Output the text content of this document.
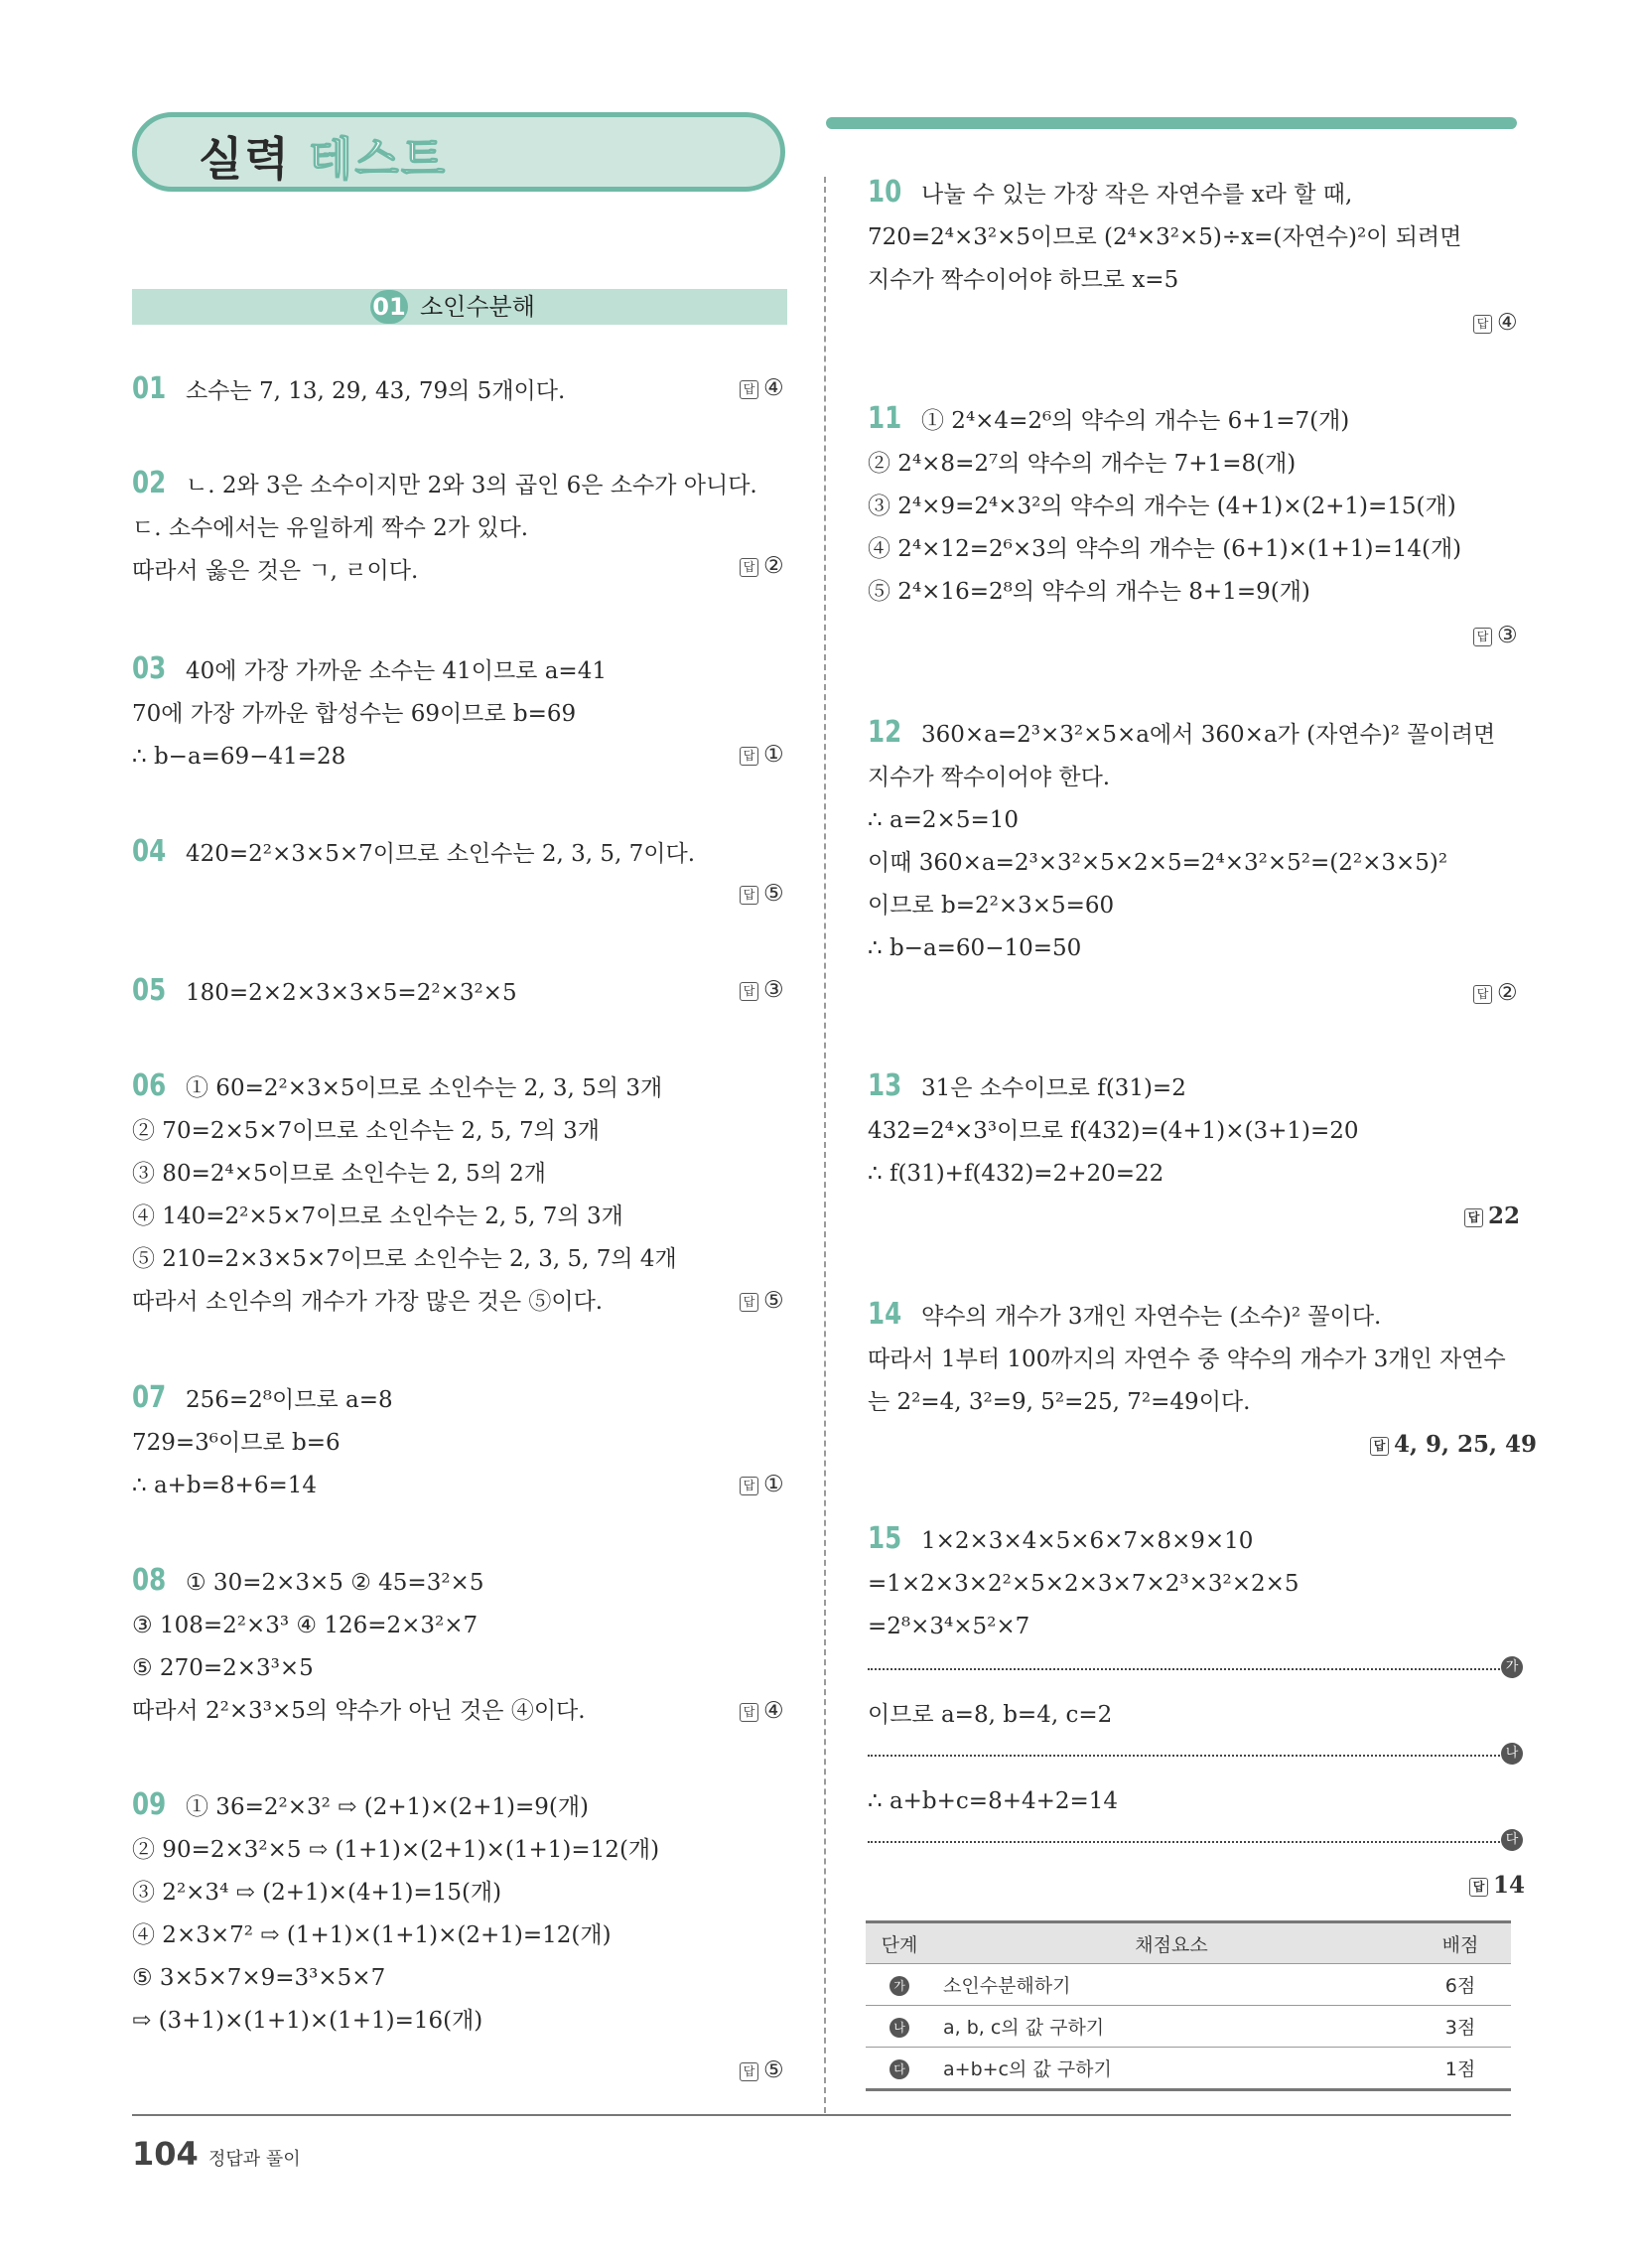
실력 테스트
01 소인수분해
01 소수는 7, 13, 29, 43, 79의 5개이다.	답 ④
02 ㄴ. 2와 3은 소수이지만 2와 3의 곱인 6은 소수가 아니다.
ㄷ. 소수에서는 유일하게 짝수 2가 있다.
따라서 옳은 것은 ㄱ, ㄹ이다.	답 ②
03 40에 가장 가까운 소수는 41이므로 a=41
70에 가장 가까운 합성수는 69이므로 b=69
∴ b−a=69−41=28	답 ①
04 420=2²×3×5×7이므로 소인수는 2, 3, 5, 7이다.
답 ⑤
05 180=2×2×3×3×5=2²×3²×5	답 ③
06 ① 60=2²×3×5이므로 소인수는 2, 3, 5의 3개
② 70=2×5×7이므로 소인수는 2, 5, 7의 3개
③ 80=2⁴×5이므로 소인수는 2, 5의 2개
④ 140=2²×5×7이므로 소인수는 2, 5, 7의 3개
⑤ 210=2×3×5×7이므로 소인수는 2, 3, 5, 7의 4개
따라서 소인수의 개수가 가장 많은 것은 ⑤이다.	답 ⑤
07 256=2⁸이므로 a=8
729=3⁶이므로 b=6
∴ a+b=8+6=14	답 ①
08 ① 30=2×3×5 ② 45=3²×5
③ 108=2²×3³ ④ 126=2×3²×7
⑤ 270=2×3³×5
따라서 2²×3³×5의 약수가 아닌 것은 ④이다.	답 ④
09 ① 36=2²×3² ⇨ (2+1)×(2+1)=9(개)
② 90=2×3²×5 ⇨ (1+1)×(2+1)×(1+1)=12(개)
③ 2²×3⁴ ⇨ (2+1)×(4+1)=15(개)
④ 2×3×7² ⇨ (1+1)×(1+1)×(2+1)=12(개)
⑤ 3×5×7×9=3³×5×7
⇨ (3+1)×(1+1)×(1+1)=16(개)
답 ⑤
10 나눌 수 있는 가장 작은 자연수를 x라 할 때,
720=2⁴×3²×5이므로 (2⁴×3²×5)÷x=(자연수)²이 되려면
지수가 짝수이어야 하므로 x=5
답 ④
11 ① 2⁴×4=2⁶의 약수의 개수는 6+1=7(개)
② 2⁴×8=2⁷의 약수의 개수는 7+1=8(개)
③ 2⁴×9=2⁴×3²의 약수의 개수는 (4+1)×(2+1)=15(개)
④ 2⁴×12=2⁶×3의 약수의 개수는 (6+1)×(1+1)=14(개)
⑤ 2⁴×16=2⁸의 약수의 개수는 8+1=9(개)
답 ③
12 360×a=2³×3²×5×a에서 360×a가 (자연수)² 꼴이려면
지수가 짝수이어야 한다.
∴ a=2×5=10
이때 360×a=2³×3²×5×2×5=2⁴×3²×5²=(2²×3×5)²
이므로 b=2²×3×5=60
∴ b−a=60−10=50
답 ②
13 31은 소수이므로 f(31)=2
432=2⁴×3³이므로 f(432)=(4+1)×(3+1)=20
∴ f(31)+f(432)=2+20=22
답 22
14 약수의 개수가 3개인 자연수는 (소수)² 꼴이다.
따라서 1부터 100까지의 자연수 중 약수의 개수가 3개인 자연수
는 2²=4, 3²=9, 5²=25, 7²=49이다.
답 4, 9, 25, 49
15 1×2×3×4×5×6×7×8×9×10
=1×2×3×2²×5×2×3×7×2³×3²×2×5
=2⁸×3⁴×5²×7
답 14
가
이므로 a=8, b=4, c=2
나
∴ a+b+c=8+4+2=14
다
단계	채점요소	배점
가	소인수분해하기	6점
나	a, b, c의 값 구하기	3점
다	a+b+c의 값 구하기	1점
104 정답과 풀이
